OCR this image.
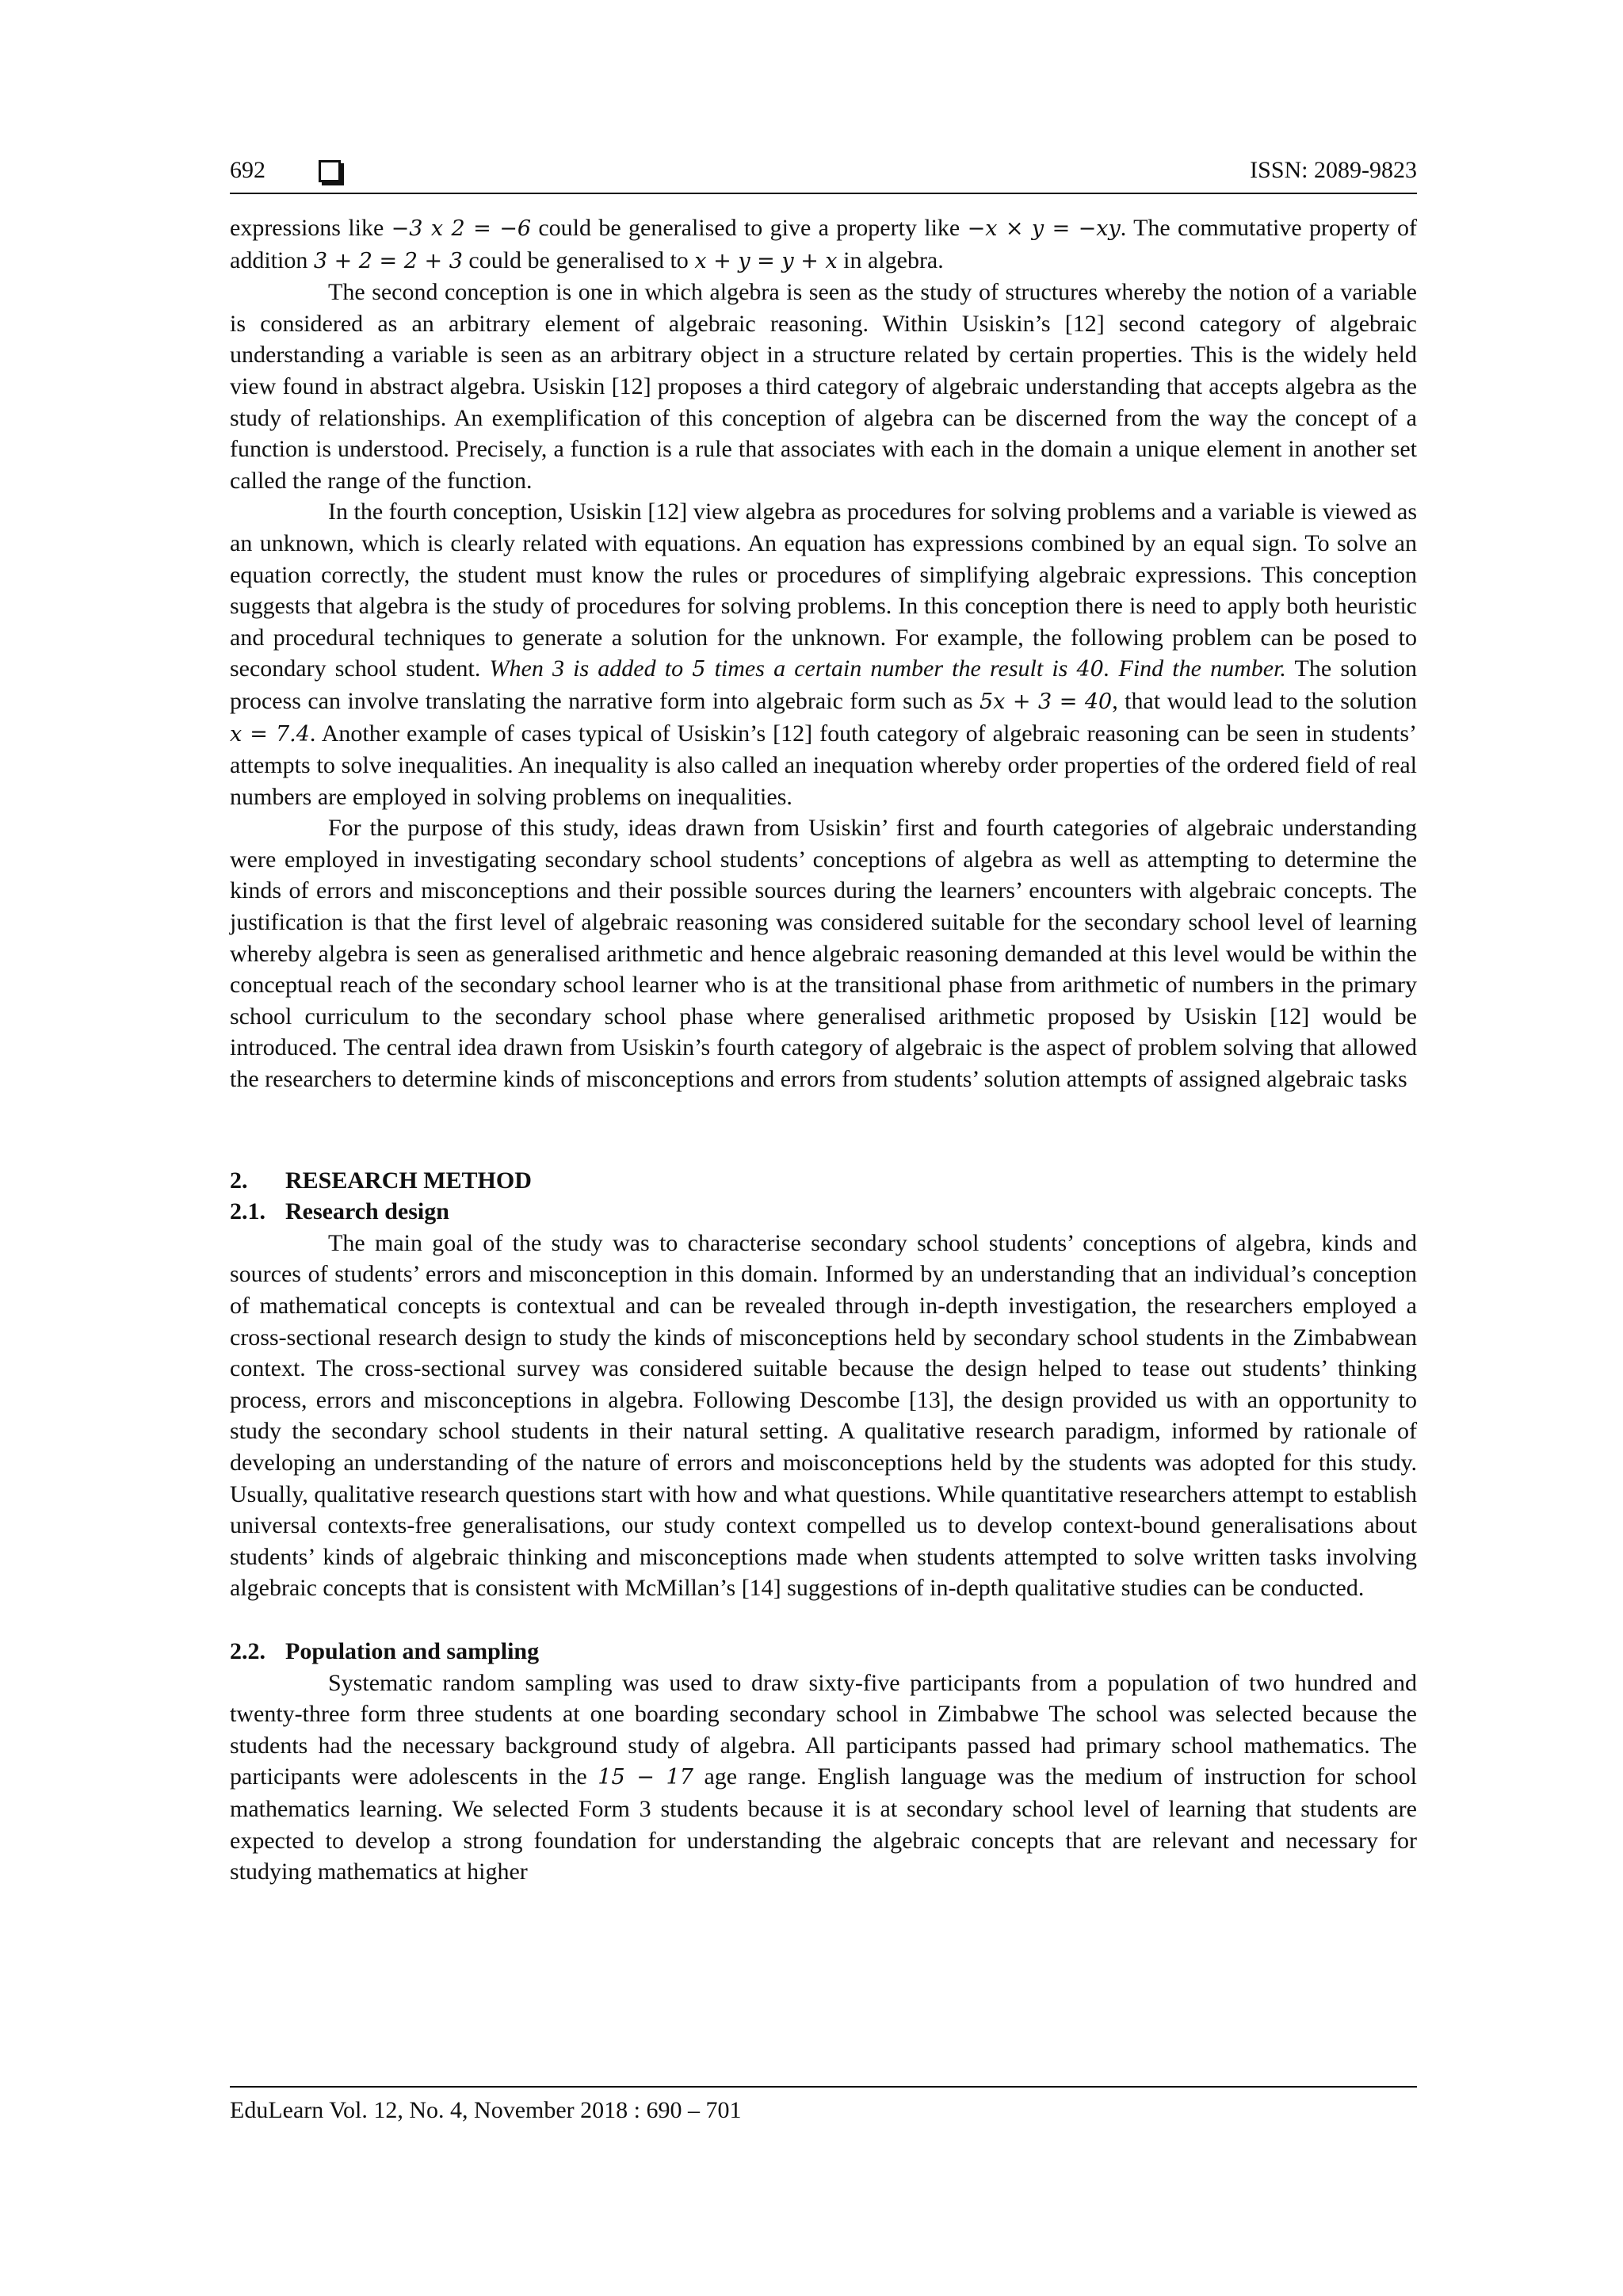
692	ISSN: 2089-9823

expressions like −3 𝑥 2 = −6 could be generalised to give a property like −𝑥 × 𝑦 = −𝑥𝑦. The commutative property of addition 3 + 2 = 2 + 3 could be generalised to 𝑥 + 𝑦 = 𝑦 + 𝑥 in algebra.

The second conception is one in which algebra is seen as the study of structures whereby the notion of a variable is considered as an arbitrary element of algebraic reasoning. Within Usiskin’s [12] second category of algebraic understanding a variable is seen as an arbitrary object in a structure related by certain properties. This is the widely held view found in abstract algebra. Usiskin [12] proposes a third category of algebraic understanding that accepts algebra as the study of relationships. An exemplification of this conception of algebra can be discerned from the way the concept of a function is understood. Precisely, a function is a rule that associates with each in the domain a unique element in another set called the range of the function.

In the fourth conception, Usiskin [12] view algebra as procedures for solving problems and a variable is viewed as an unknown, which is clearly related with equations. An equation has expressions combined by an equal sign. To solve an equation correctly, the student must know the rules or procedures of simplifying algebraic expressions. This conception suggests that algebra is the study of procedures for solving problems. In this conception there is need to apply both heuristic and procedural techniques to generate a solution for the unknown. For example, the following problem can be posed to secondary school student. When 3 is added to 5 times a certain number the result is 40. Find the number. The solution process can involve translating the narrative form into algebraic form such as 5𝑥 + 3 = 40, that would lead to the solution 𝑥 = 7.4. Another example of cases typical of Usiskin’s [12] fouth category of algebraic reasoning can be seen in students’ attempts to solve inequalities. An inequality is also called an inequation whereby order properties of the ordered field of real numbers are employed in solving problems on inequalities.

For the purpose of this study, ideas drawn from Usiskin’ first and fourth categories of algebraic understanding were employed in investigating secondary school students’ conceptions of algebra as well as attempting to determine the kinds of errors and misconceptions and their possible sources during the learners’ encounters with algebraic concepts. The justification is that the first level of algebraic reasoning was considered suitable for the secondary school level of learning whereby algebra is seen as generalised arithmetic and hence algebraic reasoning demanded at this level would be within the conceptual reach of the secondary school learner who is at the transitional phase from arithmetic of numbers in the primary school curriculum to the secondary school phase where generalised arithmetic proposed by Usiskin [12] would be introduced. The central idea drawn from Usiskin’s fourth category of algebraic is the aspect of problem solving that allowed the researchers to determine kinds of misconceptions and errors from students’ solution attempts of assigned algebraic tasks

2. RESEARCH METHOD
2.1. Research design

The main goal of the study was to characterise secondary school students’ conceptions of algebra, kinds and sources of students’ errors and misconception in this domain. Informed by an understanding that an individual’s conception of mathematical concepts is contextual and can be revealed through in-depth investigation, the researchers employed a cross-sectional research design to study the kinds of misconceptions held by secondary school students in the Zimbabwean context. The cross-sectional survey was considered suitable because the design helped to tease out students’ thinking process, errors and misconceptions in algebra. Following Descombe [13], the design provided us with an opportunity to study the secondary school students in their natural setting. A qualitative research paradigm, informed by rationale of developing an understanding of the nature of errors and moisconceptions held by the students was adopted for this study. Usually, qualitative research questions start with how and what questions. While quantitative researchers attempt to establish universal contexts-free generalisations, our study context compelled us to develop context-bound generalisations about students’ kinds of algebraic thinking and misconceptions made when students attempted to solve written tasks involving algebraic concepts that is consistent with McMillan’s [14] suggestions of in-depth qualitative studies can be conducted.

2.2. Population and sampling

Systematic random sampling was used to draw sixty-five participants from a population of two hundred and twenty-three form three students at one boarding secondary school in Zimbabwe The school was selected because the students had the necessary background study of algebra. All participants passed had primary school mathematics. The participants were adolescents in the 15 − 17 age range. English language was the medium of instruction for school mathematics learning. We selected Form 3 students because it is at secondary school level of learning that students are expected to develop a strong foundation for understanding the algebraic concepts that are relevant and necessary for studying mathematics at higher

EduLearn Vol. 12, No. 4, November 2018 : 690 – 701
